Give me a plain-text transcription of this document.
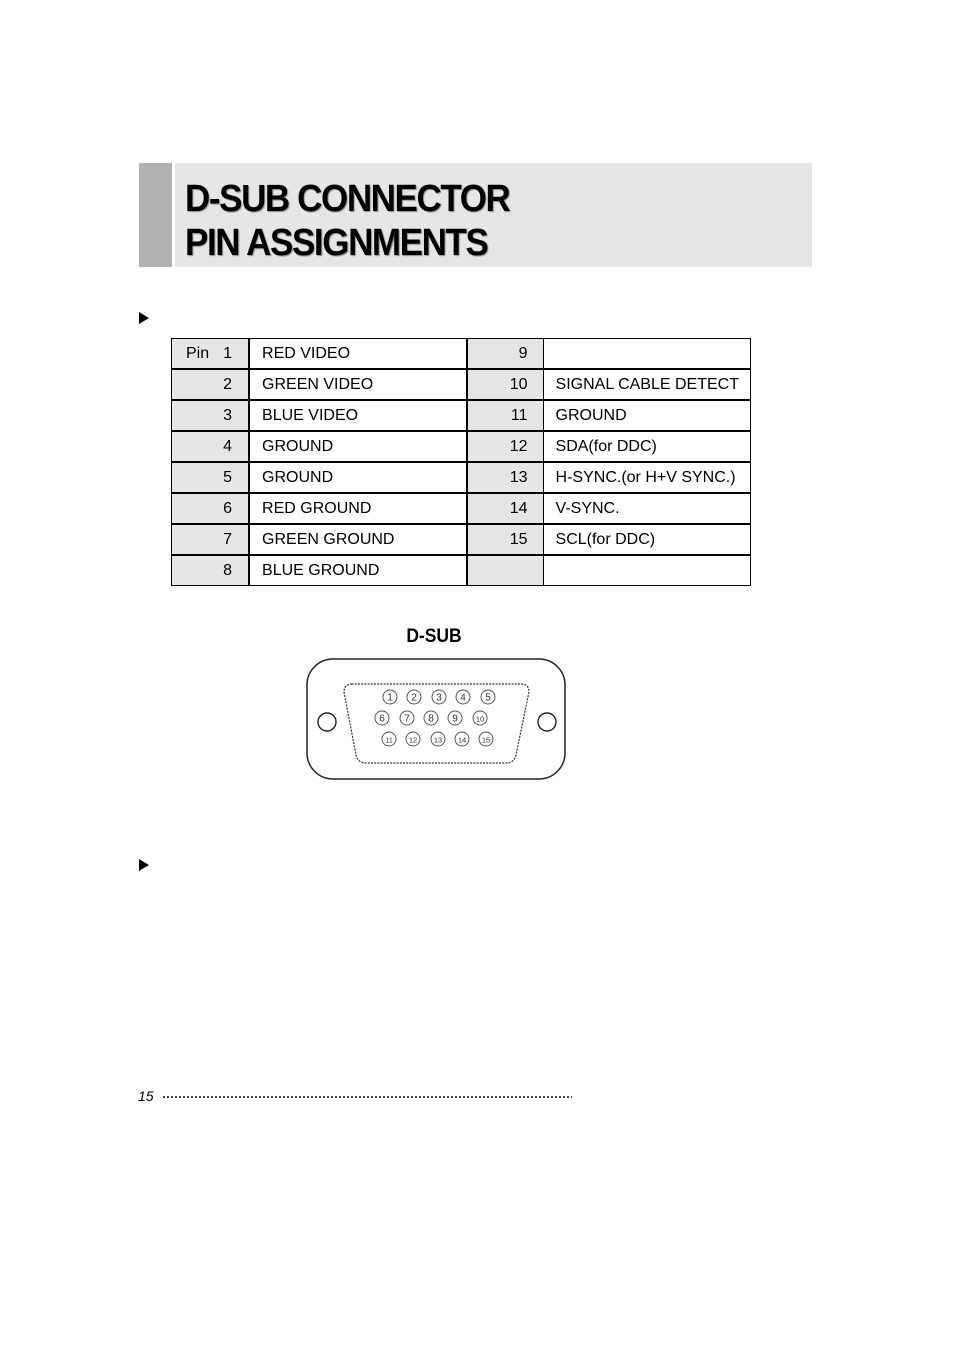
D-SUB CONNECTOR
PIN ASSIGNMENTS
Pin 1	RED VIDEO	9	
2	GREEN VIDEO	10	SIGNAL CABLE DETECT
3	BLUE VIDEO	11	GROUND
4	GROUND	12	SDA(for DDC)
5	GROUND	13	H-SYNC.(or H+V SYNC.)
6	RED GROUND	14	V-SYNC.
7	GREEN GROUND	15	SCL(for DDC)
8	BLUE GROUND		
D-SUB
1 2 3 4 5
6 7 8 9 10
11 12 13 14 15
15
